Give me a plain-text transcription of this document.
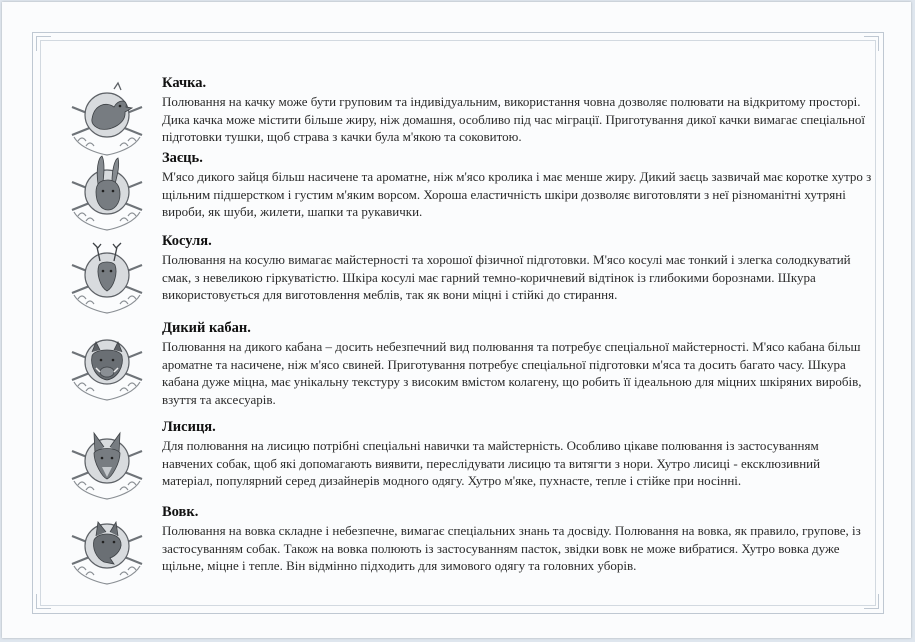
Качка.

Полювання на качку може бути груповим та індивідуальним, використання човна дозволяє полювати на відкритому просторі. Дика качка може містити більше жиру, ніж домашня, особливо під час міграції. Приготування дикої качки вимагає спеціальної підготовки тушки, щоб страва з качки була м'якою та соковитою.

Заєць.

М'ясо дикого зайця більш насичене та ароматне, ніж м'ясо кролика і має менше жиру. Дикий заєць зазвичай має коротке хутро з щільним підшерстком і густим м'яким ворсом. Хороша еластичність шкіри дозволяє виготовляти з неї різноманітні хутряні вироби, як шуби, жилети, шапки та рукавички.

Косуля.

Полювання на косулю вимагає майстерності та хорошої фізичної підготовки. М'ясо косулі має тонкий і злегка солодкуватий смак, з невеликою гіркуватістю. Шкіра косулі має гарний темно-коричневий відтінок із глибокими борознами. Шкура використовується для виготовлення меблів, так як вони міцні і стійкі до стирання.

Дикий кабан.

Полювання на дикого кабана – досить небезпечний вид полювання та потребує спеціальної майстерності. М'ясо кабана більш ароматне та насичене, ніж м'ясо свиней. Приготування потребує спеціальної підготовки м'яса та досить багато часу. Шкура кабана дуже міцна, має унікальну текстуру з високим вмістом колагену, що робить її ідеальною для міцних шкіряних виробів, взуття та аксесуарів.

Лисиця.

Для полювання на лисицю потрібні спеціальні навички та майстерність. Особливо цікаве полювання із застосуванням навчених собак, щоб які допомагають виявити, переслідувати лисицю та витягти з нори. Хутро лисиці - ексклюзивний матеріал, популярний серед дизайнерів модного одягу. Хутро м'яке, пухнасте, тепле і стійке при носінні.

Вовк.

Полювання на вовка складне і небезпечне, вимагає спеціальних знань та досвіду. Полювання на вовка, як правило, групове, із застосуванням собак. Також на вовка полюють із застосуванням пасток, звідки вовк не може вибратися. Хутро вовка дуже щільне, міцне і тепле. Він відмінно підходить для зимового одягу та головних уборів.
